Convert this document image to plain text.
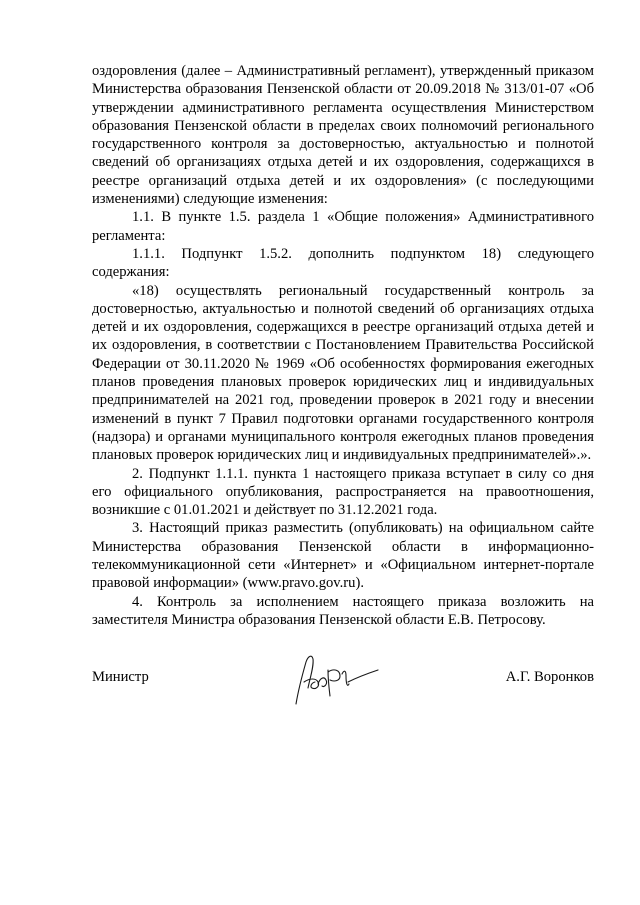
оздоровления (далее – Административный регламент), утвержденный приказом Министерства образования Пензенской области от 20.09.2018 № 313/01-07 «Об утверждении административного регламента осуществления Министерством образования Пензенской области в пределах своих полномочий регионального государственного контроля за достоверностью, актуальностью и полнотой сведений об организациях отдыха детей и их оздоровления, содержащихся в реестре организаций отдыха детей и их оздоровления» (с последующими изменениями) следующие изменения:

1.1. В пункте 1.5. раздела 1 «Общие положения» Административного регламента:

1.1.1. Подпункт 1.5.2. дополнить подпунктом 18) следующего содержания:

«18) осуществлять региональный государственный контроль за достоверностью, актуальностью и полнотой сведений об организациях отдыха детей и их оздоровления, содержащихся в реестре организаций отдыха детей и их оздоровления, в соответствии с Постановлением Правительства Российской Федерации от 30.11.2020 № 1969 «Об особенностях формирования ежегодных планов проведения плановых проверок юридических лиц и индивидуальных предпринимателей на 2021 год, проведении проверок в 2021 году и внесении изменений в пункт 7 Правил подготовки органами государственного контроля (надзора) и органами муниципального контроля ежегодных планов проведения плановых проверок юридических лиц и индивидуальных предпринимателей».».

2. Подпункт 1.1.1. пункта 1 настоящего приказа вступает в силу со дня его официального опубликования, распространяется на правоотношения, возникшие с 01.01.2021 и действует по 31.12.2021 года.

3. Настоящий приказ разместить (опубликовать) на официальном сайте Министерства образования Пензенской области в информационно-телекоммуникационной сети «Интернет» и «Официальном интернет-портале правовой информации» (www.pravo.gov.ru).

4. Контроль за исполнением настоящего приказа возложить на заместителя Министра образования Пензенской области Е.В. Петросову.

Министр	А.Г. Воронков
